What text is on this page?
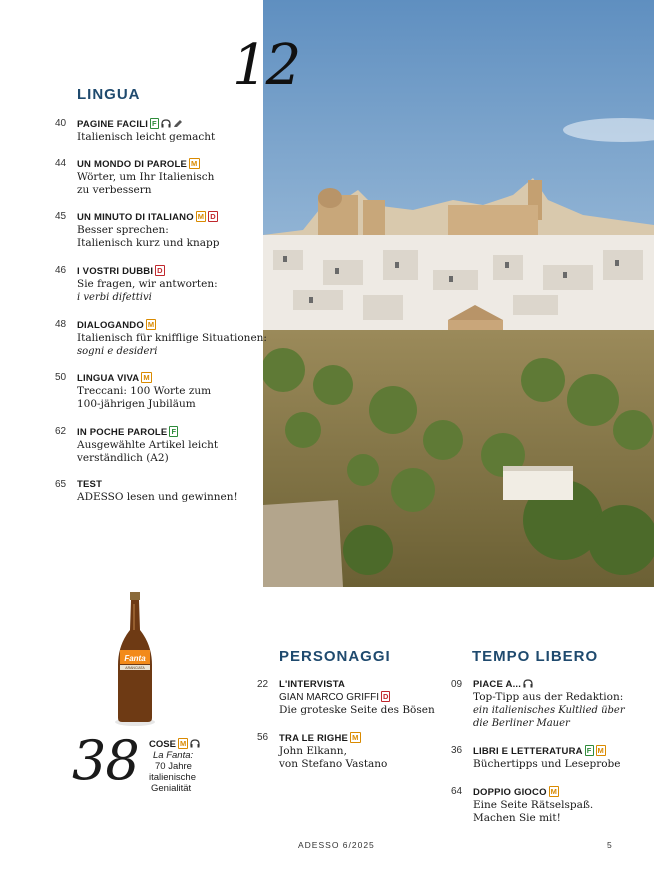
12
LINGUA
40	PAGINE FACILI F
Italienisch leicht gemacht
44	UN MONDO DI PAROLE M
Wörter, um Ihr Italienisch
zu verbessern
45	UN MINUTO DI ITALIANO M D
Besser sprechen:
Italienisch kurz und knapp
46	I VOSTRI DUBBI D
Sie fragen, wir antworten:
i verbi difettivi
48	DIALOGANDO M
Italienisch für knifflige Situationen:
sogni e desideri
50	LINGUA VIVA M
Treccani: 100 Worte zum
100-jährigen Jubiläum
62	IN POCHE PAROLE F
Ausgewählte Artikel leicht
verständlich (A2)
65	TEST
ADESSO lesen und gewinnen!
Fanta
ARANCIATA
38 COSE M
La Fanta:
70 Jahre
italienische
Genialität
PERSONAGGI
22	L'INTERVISTA
GIAN MARCO GRIFFI D
Die groteske Seite des Bösen
56	TRA LE RIGHE M
John Elkann,
von Stefano Vastano
TEMPO LIBERO
09	PIACE A...
Top-Tipp aus der Redaktion:
ein italienisches Kultlied über
die Berliner Mauer
36	LIBRI E LETTERATURA F M
Büchertipps und Leseprobe
64	DOPPIO GIOCO M
Eine Seite Rätselspaß.
Machen Sie mit!
ADESSO 6/2025	5
